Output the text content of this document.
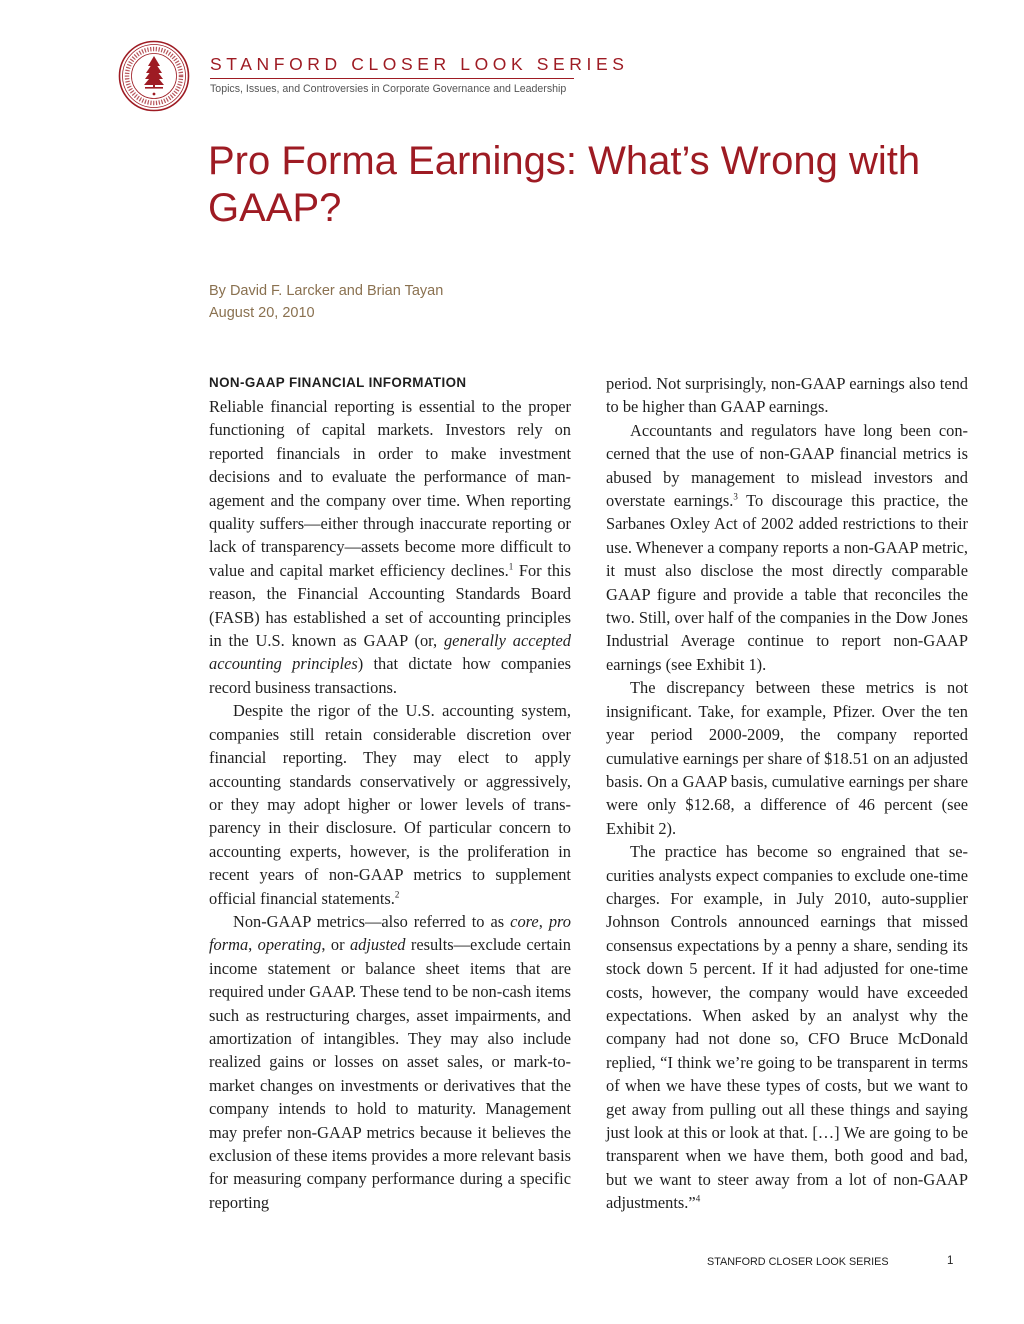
STANFORD CLOSER LOOK SERIES
Topics, Issues, and Controversies in Corporate Governance and Leadership
Pro Forma Earnings: What’s Wrong with GAAP?
By David F. Larcker and Brian Tayan
August 20, 2010
NON-GAAP FINANCIAL INFORMATION

Reliable financial reporting is essential to the proper functioning of capital markets. Investors rely on reported financials in order to make investment decisions and to evaluate the performance of management and the company over time. When reporting quality suffers—either through inaccurate reporting or lack of transparency—assets become more difficult to value and capital market efficiency declines.$^1$ For this reason, the Financial Accounting Standards Board (FASB) has established a set of accounting principles in the U.S. known as GAAP (or, generally accepted accounting principles) that dictate how companies record business transactions.

Despite the rigor of the U.S. accounting system, companies still retain considerable discretion over financial reporting. They may elect to apply accounting standards conservatively or aggressively, or they may adopt higher or lower levels of transparency in their disclosure. Of particular concern to accounting experts, however, is the proliferation in recent years of non-GAAP metrics to supplement official financial statements.$^2$

Non-GAAP metrics—also referred to as core, pro forma, operating, or adjusted results—exclude certain income statement or balance sheet items that are required under GAAP. These tend to be non-cash items such as restructuring charges, asset impairments, and amortization of intangibles. They may also include realized gains or losses on asset sales, or mark-to-market changes on investments or derivatives that the company intends to hold to maturity. Management may prefer non-GAAP metrics because it believes the exclusion of these items provides a more relevant basis for measuring company performance during a specific reporting

period. Not surprisingly, non-GAAP earnings also tend to be higher than GAAP earnings.

Accountants and regulators have long been concerned that the use of non-GAAP financial metrics is abused by management to mislead investors and overstate earnings.$^3$ To discourage this practice, the Sarbanes Oxley Act of 2002 added restrictions to their use. Whenever a company reports a non-GAAP metric, it must also disclose the most directly comparable GAAP figure and provide a table that reconciles the two. Still, over half of the companies in the Dow Jones Industrial Average continue to report non-GAAP earnings (see Exhibit 1).

The discrepancy between these metrics is not insignificant. Take, for example, Pfizer. Over the ten year period 2000-2009, the company reported cumulative earnings per share of $18.51 on an adjusted basis. On a GAAP basis, cumulative earnings per share were only $12.68, a difference of 46 percent (see Exhibit 2).

The practice has become so engrained that securities analysts expect companies to exclude one-time charges. For example, in July 2010, auto-supplier Johnson Controls announced earnings that missed consensus expectations by a penny a share, sending its stock down 5 percent. If it had adjusted for one-time costs, however, the company would have exceeded expectations. When asked by an analyst why the company had not done so, CFO Bruce McDonald replied, “I think we’re going to be transparent in terms of when we have these types of costs, but we want to get away from pulling out all these things and saying just look at this or look at that. […] We are going to be transparent when we have them, both good and bad, but we want to steer away from a lot of non-GAAP adjustments.”$^4$

STANFORD CLOSER LOOK SERIES	1
